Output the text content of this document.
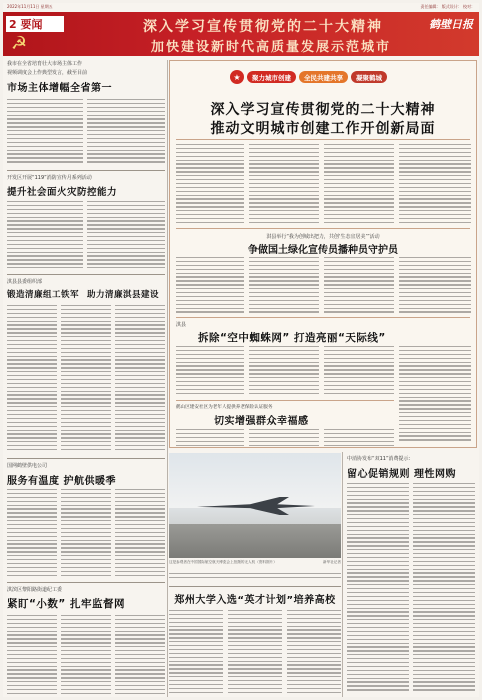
2022年11月11日 星期五	责任编辑： 版式设计： 校对：
2 要闻
☭
深入学习宣传贯彻党的二十大精神
加快建设新时代高质量发展示范城市
鹤壁日报
我市在全省培育壮大市场主体工作
视频调度会上作典型发言，截至目前
市场主体增幅全省第一
开发区开展“119”消防宣传月系列活动
提升社会面火灾防控能力
淇县县委组织部
锻造清廉组工铁军 助力清廉淇县建设
国网鹤壁供电公司
服务有温度 护航供暖季
淇滨区黎阳路街道纪工委
紧盯“小数” 扎牢监督网
★	聚力城市创建	全民共建共享	凝聚鹤城
深入学习宣传贯彻党的二十大精神
推动文明城市创建工作开创新局面
淇县举行“我为创城出把力，共创‘生态宜居美’”活动
争做国土绿化宣传员播种员守护员
淇县
拆除“空中蜘蛛网” 打造亮丽“天际线”
鹤山区建安社区为老年人提供养老保险认证服务
切实增强群众幸福感
这是参观者在中国国际航空航天博览会上拍摄的无人机（资料图片）	新华社记者
郑州大学入选“英才计划”培养高校
中消协发布“双11”消费提示：
留心促销规则 理性网购
